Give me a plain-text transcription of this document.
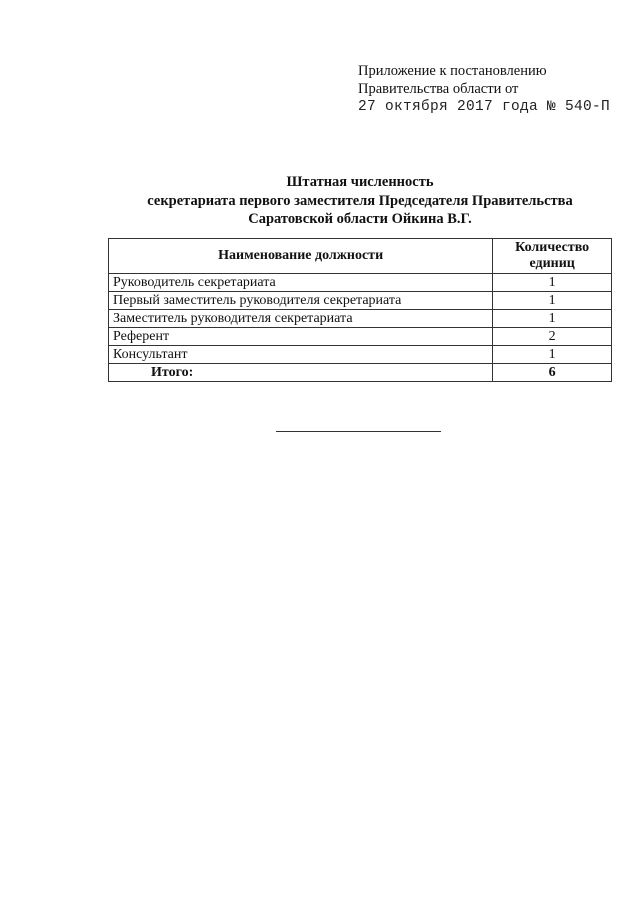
Приложение к постановлению
Правительства области от
27 октября 2017 года № 540-П
Штатная численность
секретариата первого заместителя Председателя Правительства
Саратовской области Ойкина В.Г.
Наименование должности	Количество единиц
Руководитель секретариата	1
Первый заместитель руководителя секретариата	1
Заместитель руководителя секретариата	1
Референт	2
Консультант	1
Итого:	6
